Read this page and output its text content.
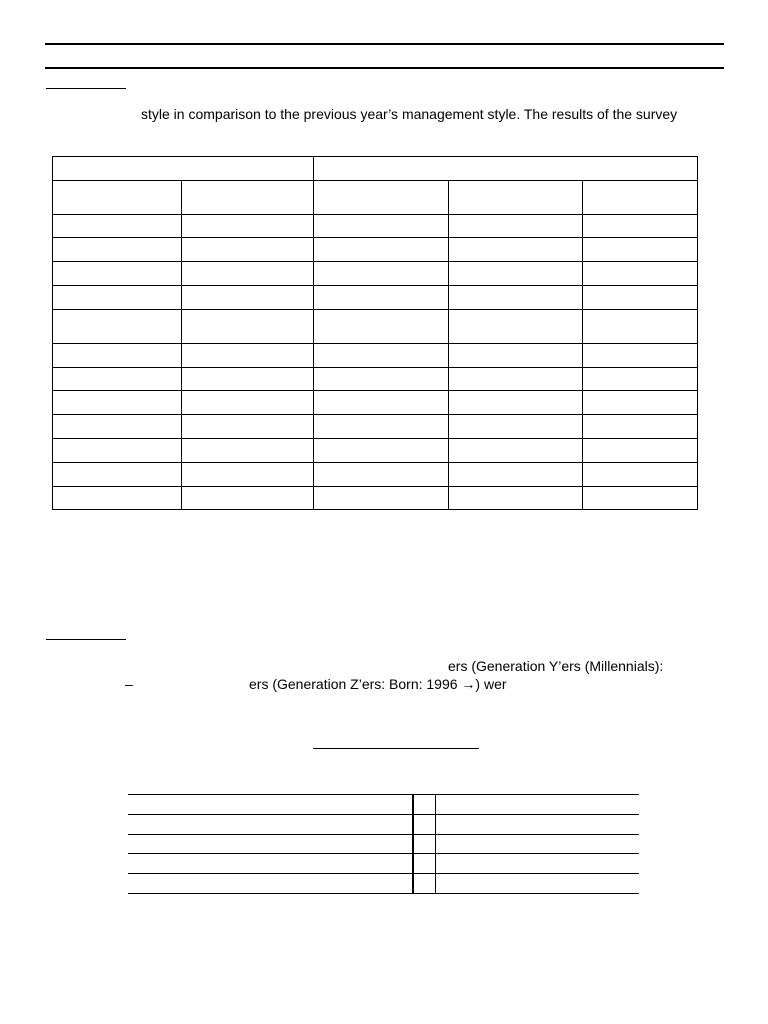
style in comparison to the previous year’s management style. The results of the survey

ers (Generation Y’ers (Millennials):
–	ers (Generation Z’ers: Born: 1996 →) wer
